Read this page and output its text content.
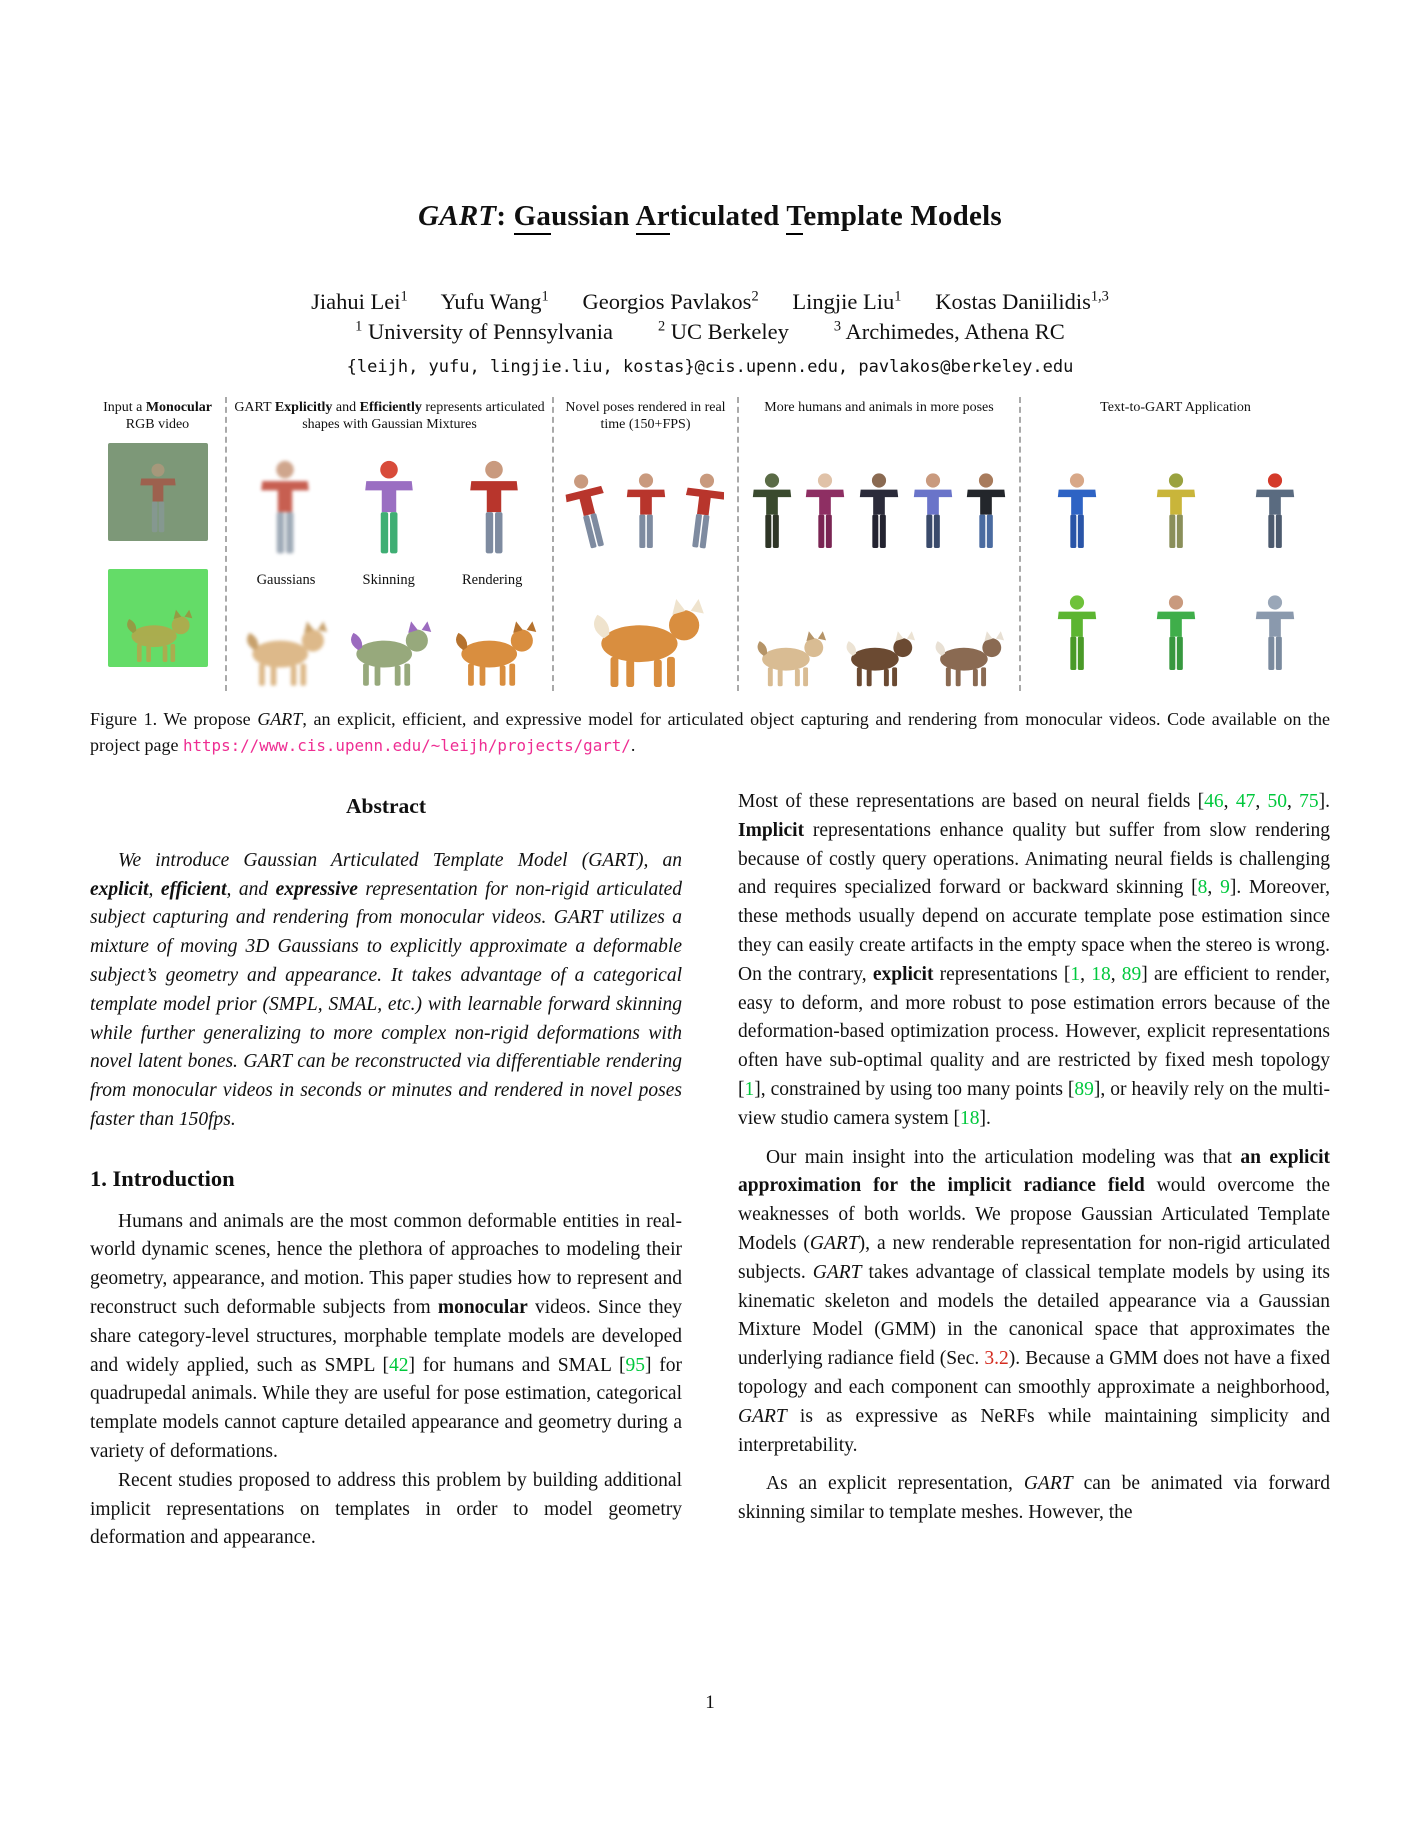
GART: Gaussian Articulated Template Models
Jiahui Lei$^1$      Yufu Wang$^1$      Georgios Pavlakos$^2$      Lingjie Liu$^1$      Kostas Daniilidis$^{1,3}$
$^1$ University of Pennsylvania        $^2$ UC Berkeley        $^3$ Archimedes, Athena RC
{leijh, yufu, lingjie.liu, kostas}@cis.upenn.edu, pavlakos@berkeley.edu
Input a Monocular RGB video
GART Explicitly and Efficiently represents articulated shapes with Gaussian Mixtures
Gaussians	Skinning	Rendering
Novel poses rendered in real time (150+FPS)
More humans and animals in more poses	Text-to-GART Application
Figure 1. We propose GART, an explicit, efficient, and expressive model for articulated object capturing and rendering from monocular videos. Code available on the project page https://www.cis.upenn.edu/~leijh/projects/gart/.
Abstract

We introduce Gaussian Articulated Template Model (GART), an explicit, efficient, and expressive representation for non-rigid articulated subject capturing and rendering from monocular videos. GART utilizes a mixture of moving 3D Gaussians to explicitly approximate a deformable subject’s geometry and appearance. It takes advantage of a categorical template model prior (SMPL, SMAL, etc.) with learnable forward skinning while further generalizing to more complex non-rigid deformations with novel latent bones. GART can be reconstructed via differentiable rendering from monocular videos in seconds or minutes and rendered in novel poses faster than 150fps.

1. Introduction

Humans and animals are the most common deformable entities in real-world dynamic scenes, hence the plethora of approaches to modeling their geometry, appearance, and motion. This paper studies how to represent and reconstruct such deformable subjects from monocular videos. Since they share category-level structures, morphable template models are developed and widely applied, such as SMPL [42] for humans and SMAL [95] for quadrupedal animals. While they are useful for pose estimation, categorical template models cannot capture detailed appearance and geometry during a variety of deformations.

Recent studies proposed to address this problem by building additional implicit representations on templates in order to model geometry deformation and appearance.

Most of these representations are based on neural fields [46, 47, 50, 75]. Implicit representations enhance quality but suffer from slow rendering because of costly query operations. Animating neural fields is challenging and requires specialized forward or backward skinning [8, 9]. Moreover, these methods usually depend on accurate template pose estimation since they can easily create artifacts in the empty space when the stereo is wrong. On the contrary, explicit representations [1, 18, 89] are efficient to render, easy to deform, and more robust to pose estimation errors because of the deformation-based optimization process. However, explicit representations often have sub-optimal quality and are restricted by fixed mesh topology [1], constrained by using too many points [89], or heavily rely on the multi-view studio camera system [18].

Our main insight into the articulation modeling was that an explicit approximation for the implicit radiance field would overcome the weaknesses of both worlds. We propose Gaussian Articulated Template Models (GART), a new renderable representation for non-rigid articulated subjects. GART takes advantage of classical template models by using its kinematic skeleton and models the detailed appearance via a Gaussian Mixture Model (GMM) in the canonical space that approximates the underlying radiance field (Sec. 3.2). Because a GMM does not have a fixed topology and each component can smoothly approximate a neighborhood, GART is as expressive as NeRFs while maintaining simplicity and interpretability.

As an explicit representation, GART can be animated via forward skinning similar to template meshes. However, the

1
